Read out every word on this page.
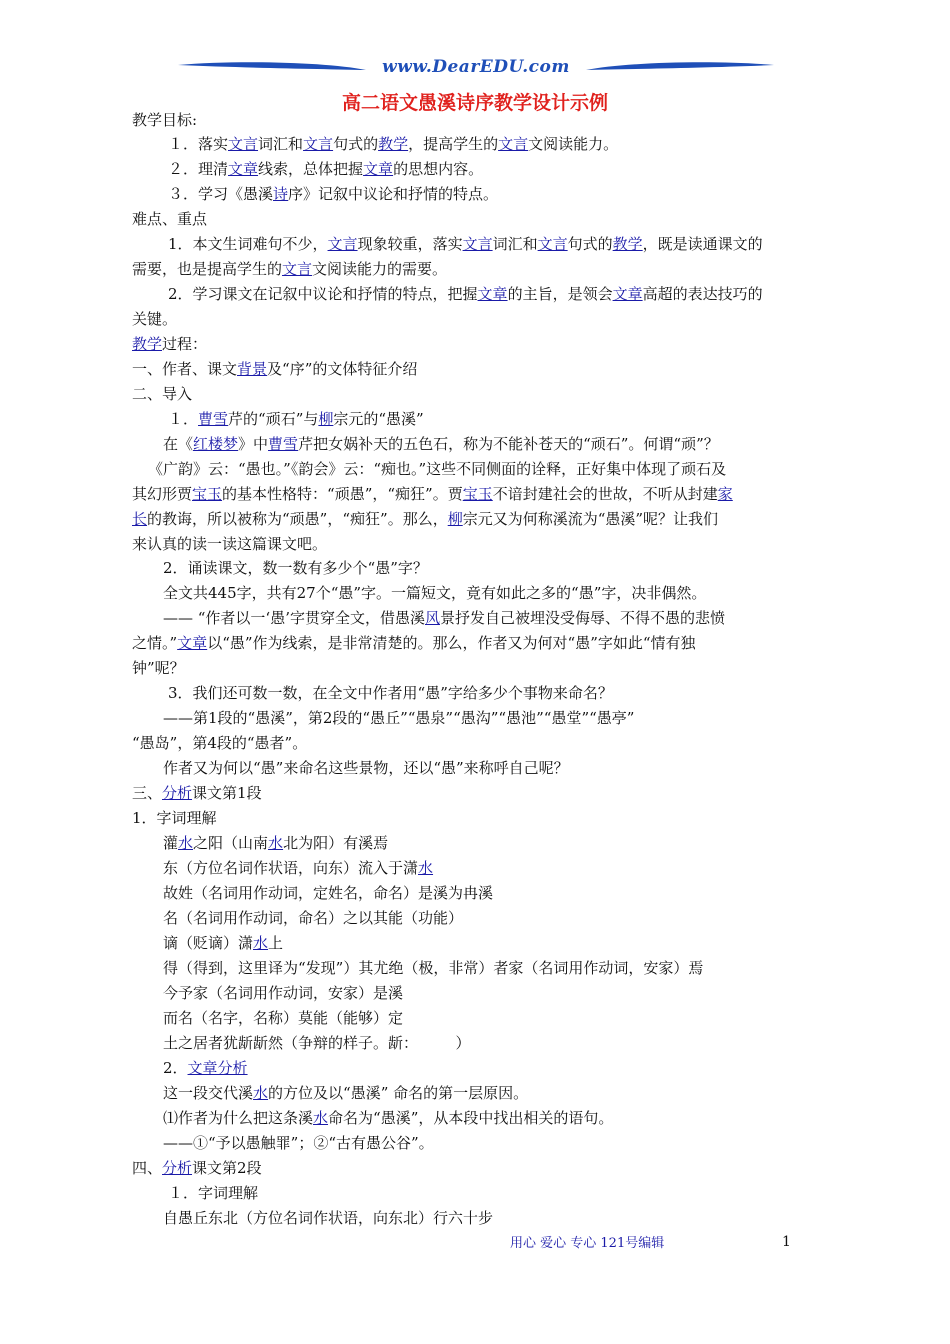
www.DearEDU.com
高二语文愚溪诗序教学设计示例
教学目标:
１．落实文言词汇和文言句式的教学，提高学生的文言文阅读能力。
２．理清文章线索，总体把握文章的思想内容。
３．学习《愚溪诗序》记叙中议论和抒情的特点。
难点、重点
1．本文生词难句不少，文言现象较重，落实文言词汇和文言句式的教学，既是读通课文的
需要，也是提高学生的文言文阅读能力的需要。
2．学习课文在记叙中议论和抒情的特点，把握文章的主旨，是领会文章高超的表达技巧的
关键。
教学过程：
一、作者、课文背景及“序”的文体特征介绍
二、导入
１．曹雪芹的“顽石”与柳宗元的“愚溪”
在《红楼梦》中曹雪芹把女娲补天的五色石，称为不能补苍天的“顽石”。何谓“顽”？
《广韵》云：“愚也。”《韵会》云：“痴也。”这些不同侧面的诠释，正好集中体现了顽石及
其幻形贾宝玉的基本性格特：“顽愚”，“痴狂”。贾宝玉不谙封建社会的世故，不听从封建家
长的教诲，所以被称为“顽愚”，“痴狂”。那么，柳宗元又为何称溪流为“愚溪”呢？让我们
来认真的读一读这篇课文吧。
2．诵读课文，数一数有多少个“愚”字？
全文共445字，共有27个“愚”字。一篇短文，竟有如此之多的“愚”字，决非偶然。
—— “作者以一‘愚’字贯穿全文，借愚溪风景抒发自己被埋没受侮辱、不得不愚的悲愤
之情。”文章以“愚”作为线索，是非常清楚的。那么，作者又为何对“愚”字如此“情有独
钟”呢？
3．我们还可数一数，在全文中作者用“愚”字给多少个事物来命名？
——第1段的“愚溪”，第2段的“愚丘”“愚泉”“愚沟”“愚池”“愚堂”“愚亭”
“愚岛”，第4段的“愚者”。
作者又为何以“愚”来命名这些景物，还以“愚”来称呼自己呢？
三、分析课文第1段
1．字词理解
灌水之阳（山南水北为阳）有溪焉
东（方位名词作状语，向东）流入于潇水
故姓（名词用作动词，定姓名，命名）是溪为冉溪
名（名词用作动词，命名）之以其能（功能）
谪（贬谪）潇水上
得（得到，这里译为“发现”）其尤绝（极，非常）者家（名词用作动词，安家）焉
今予家（名词用作动词，安家）是溪
而名（名字，名称）莫能（能够）定
土之居者犹龂龂然（争辩的样子。龂：　　　）
2．文章分析
这一段交代溪水的方位及以“愚溪” 命名的第一层原因。
⑴作者为什么把这条溪水命名为“愚溪”，从本段中找出相关的语句。
——①“予以愚触罪”；②“古有愚公谷”。
四、分析课文第2段
１．字词理解
自愚丘东北（方位名词作状语，向东北）行六十步
用心 爱心 专心 121号编辑	1
